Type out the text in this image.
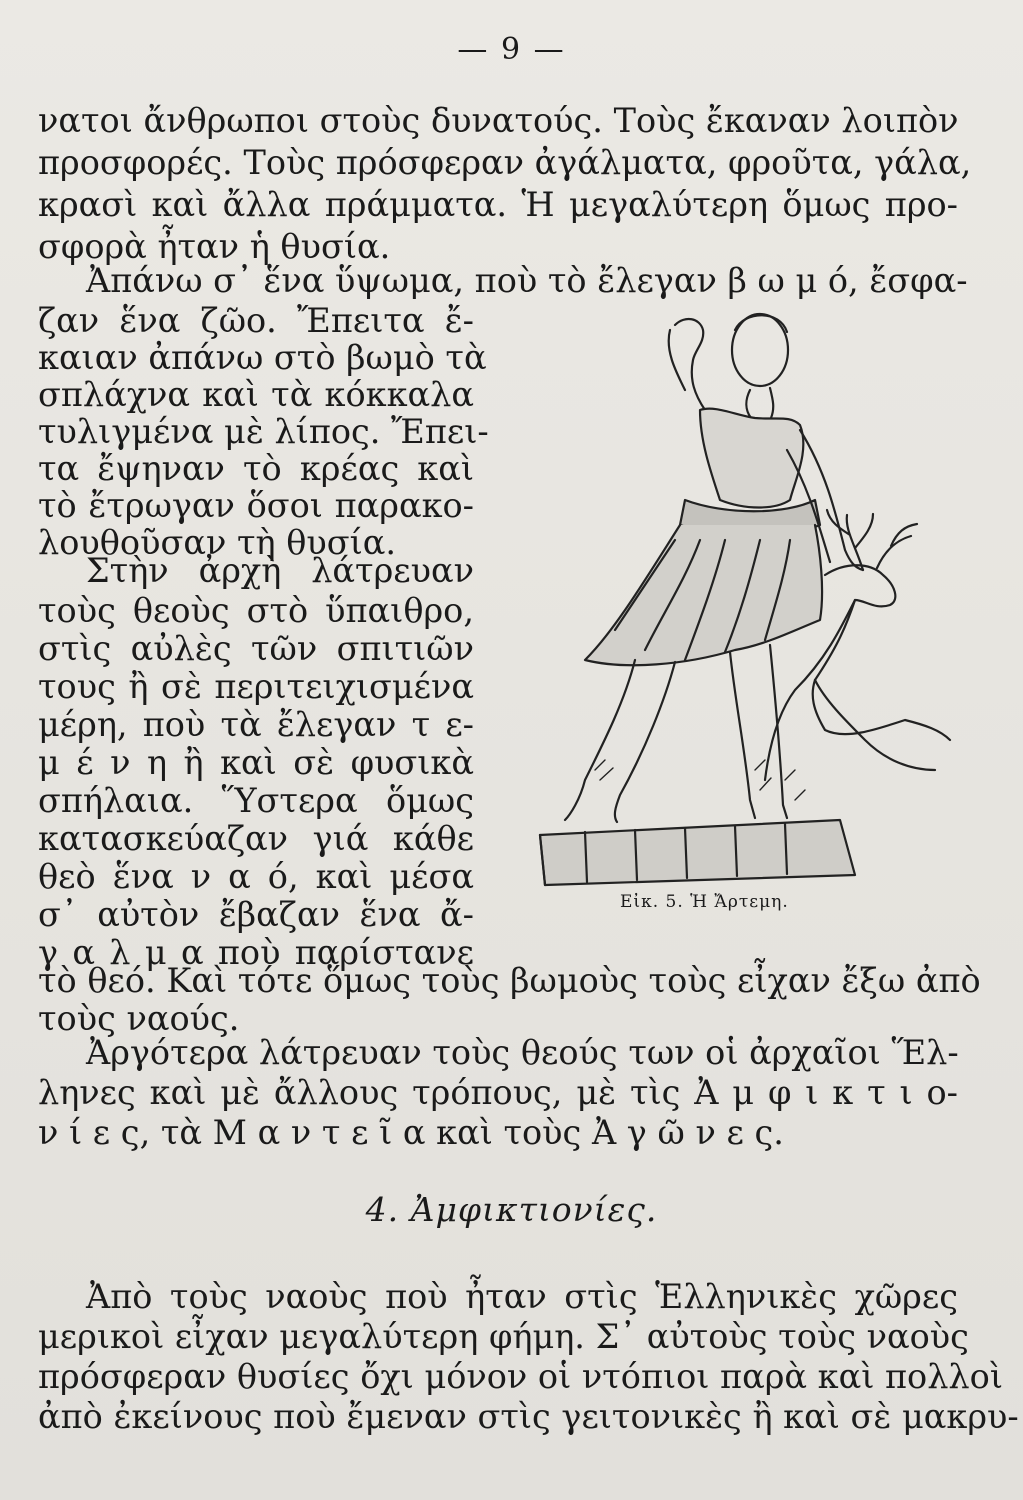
— 9 —
νατοι ἄνθρωποι στοὺς δυνατούς. Τοὺς ἔκαναν λοιπὸν
προσφορές. Τοὺς πρόσφεραν ἀγάλματα, φροῦτα, γάλα,
κρασὶ καὶ ἄλλα πράμματα. Ἡ μεγαλύτερη ὅμως προ-
σφορὰ ἦταν ἡ θυσία.
Ἀπάνω σ᾽ ἕνα ὕψωμα, ποὺ τὸ ἔλεγαν β ω μ ό, ἔσφα-
ζαν ἕνα ζῶο. Ἔπειτα ἔ-
καιαν ἀπάνω στὸ βωμὸ τὰ
σπλάχνα καὶ τὰ κόκκαλα
τυλιγμένα μὲ λίπος. Ἔπει-
τα ἔψηναν τὸ κρέας καὶ
τὸ ἔτρωγαν ὅσοι παρακο-
λουθοῦσαν τὴ θυσία.
Στὴν ἀρχὴ λάτρευαν
τοὺς θεοὺς στὸ ὕπαιθρο,
στὶς αὐλὲς τῶν σπιτιῶν
τους ἢ σὲ περιτειχισμένα
μέρη, ποὺ τὰ ἔλεγαν τ ε-
μ έ ν η ἢ καὶ σὲ φυσικὰ
σπήλαια. Ὕστερα ὅμως
κατασκεύαζαν γιά κάθε
θεὸ ἕνα ν α ό, καὶ μέσα
σ᾽ αὐτὸν ἔβαζαν ἕνα ἄ-
γ α λ μ α ποὺ παρίστανε
Εἰκ. 5. Ἡ Ἄρτεμη.
τὸ θεό. Καὶ τότε ὅμως τοὺς βωμοὺς τοὺς εἶχαν ἔξω ἀπὸ
τοὺς ναούς.
Ἀργότερα λάτρευαν τοὺς θεούς των οἱ ἀρχαῖοι Ἕλ-
ληνες καὶ μὲ ἄλλους τρόπους, μὲ τὶς Ἀ μ φ ι κ τ ι ο-
ν ί ε ς, τὰ Μ α ν τ ε ῖ α καὶ τοὺς Ἀ γ ῶ ν ε ς.
4. Ἀμφικτιονίες.
Ἀπὸ τοὺς ναοὺς ποὺ ἦταν στὶς Ἑλληνικὲς χῶρες
μερικοὶ εἶχαν μεγαλύτερη φήμη. Σ᾽ αὐτοὺς τοὺς ναοὺς
πρόσφεραν θυσίες ὄχι μόνον οἱ ντόπιοι παρὰ καὶ πολλοὶ
ἀπὸ ἐκείνους ποὺ ἔμεναν στὶς γειτονικὲς ἢ καὶ σὲ μακρυ-
